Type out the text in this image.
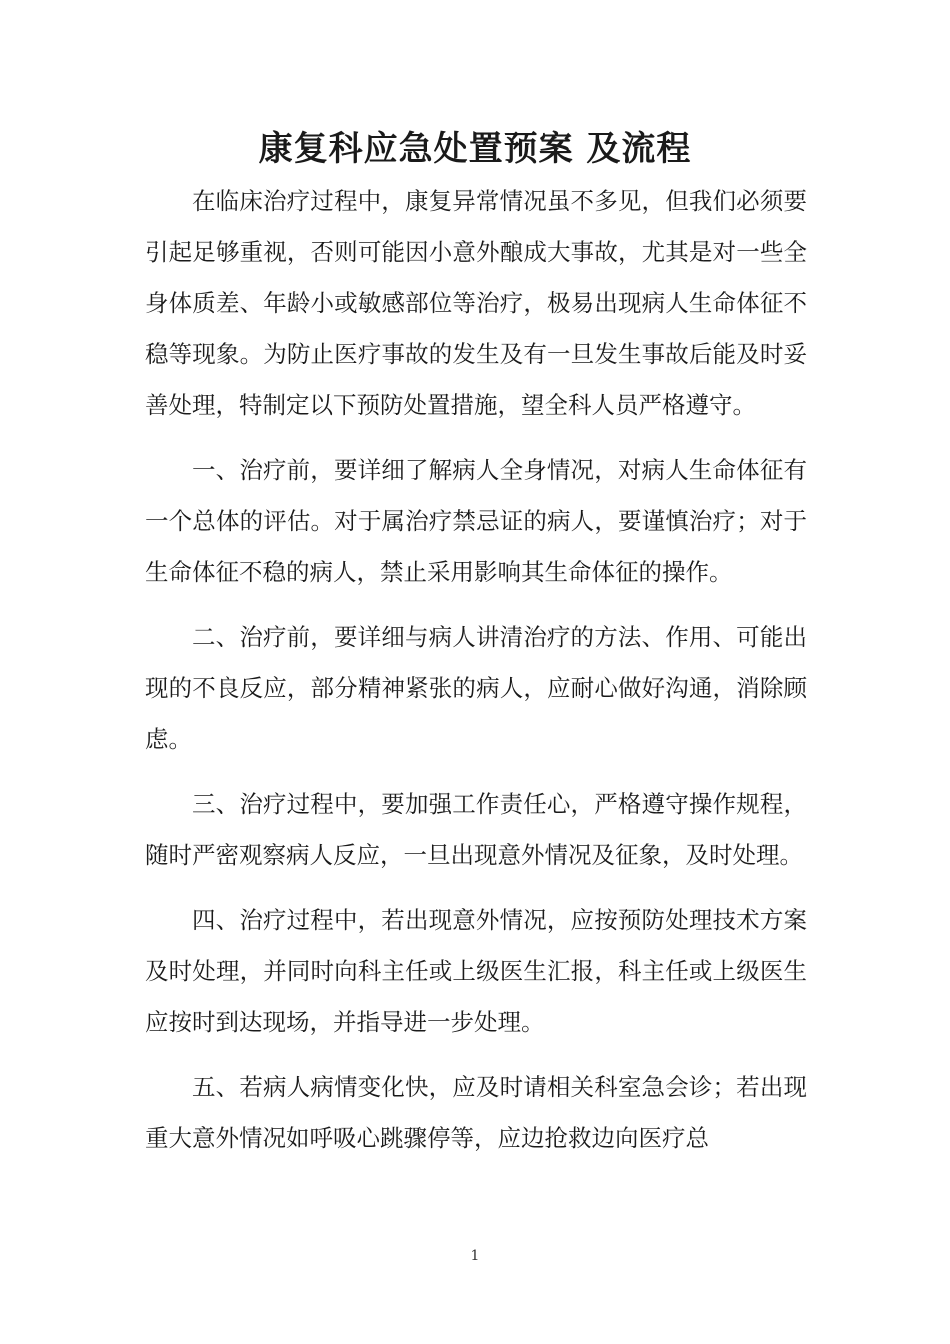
康复科应急处置预案 及流程

在临床治疗过程中，康复异常情况虽不多见，但我们必须要引起足够重视，否则可能因小意外酿成大事故，尤其是对一些全身体质差、年龄小或敏感部位等治疗，极易出现病人生命体征不稳等现象。为防止医疗事故的发生及有一旦发生事故后能及时妥善处理，特制定以下预防处置措施，望全科人员严格遵守。

一、治疗前，要详细了解病人全身情况，对病人生命体征有一个总体的评估。对于属治疗禁忌证的病人，要谨慎治疗；对于生命体征不稳的病人，禁止采用影响其生命体征的操作。

二、治疗前，要详细与病人讲清治疗的方法、作用、可能出现的不良反应，部分精神紧张的病人，应耐心做好沟通，消除顾虑。

三、治疗过程中，要加强工作责任心，严格遵守操作规程，随时严密观察病人反应，一旦出现意外情况及征象，及时处理。

四、治疗过程中，若出现意外情况，应按预防处理技术方案及时处理，并同时向科主任或上级医生汇报，科主任或上级医生应按时到达现场，并指导进一步处理。

五、若病人病情变化快，应及时请相关科室急会诊；若出现重大意外情况如呼吸心跳骤停等，应边抢救边向医疗总

1
